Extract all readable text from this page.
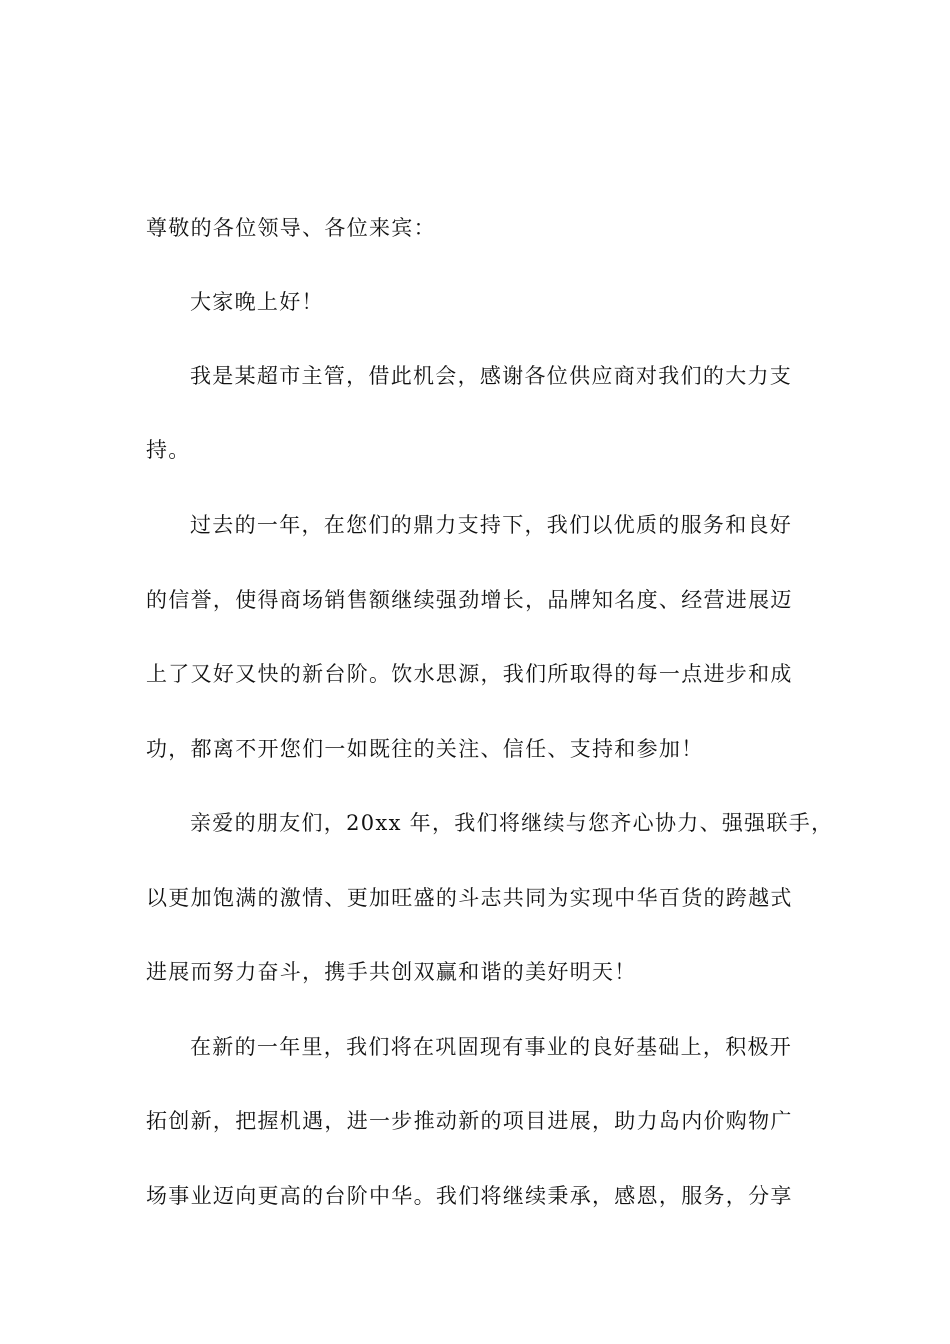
尊敬的各位领导、各位来宾：
大家晚上好！
我是某超市主管，借此机会，感谢各位供应商对我们的大力支
持。
过去的一年，在您们的鼎力支持下，我们以优质的服务和良好
的信誉，使得商场销售额继续强劲增长，品牌知名度、经营进展迈
上了又好又快的新台阶。饮水思源，我们所取得的每一点进步和成
功，都离不开您们一如既往的关注、信任、支持和参加！
亲爱的朋友们，20xx 年，我们将继续与您齐心协力、强强联手，
以更加饱满的激情、更加旺盛的斗志共同为实现中华百货的跨越式
进展而努力奋斗，携手共创双赢和谐的美好明天！
在新的一年里，我们将在巩固现有事业的良好基础上，积极开
拓创新，把握机遇，进一步推动新的项目进展，助力岛内价购物广
场事业迈向更高的台阶中华。我们将继续秉承，感恩，服务，分享
